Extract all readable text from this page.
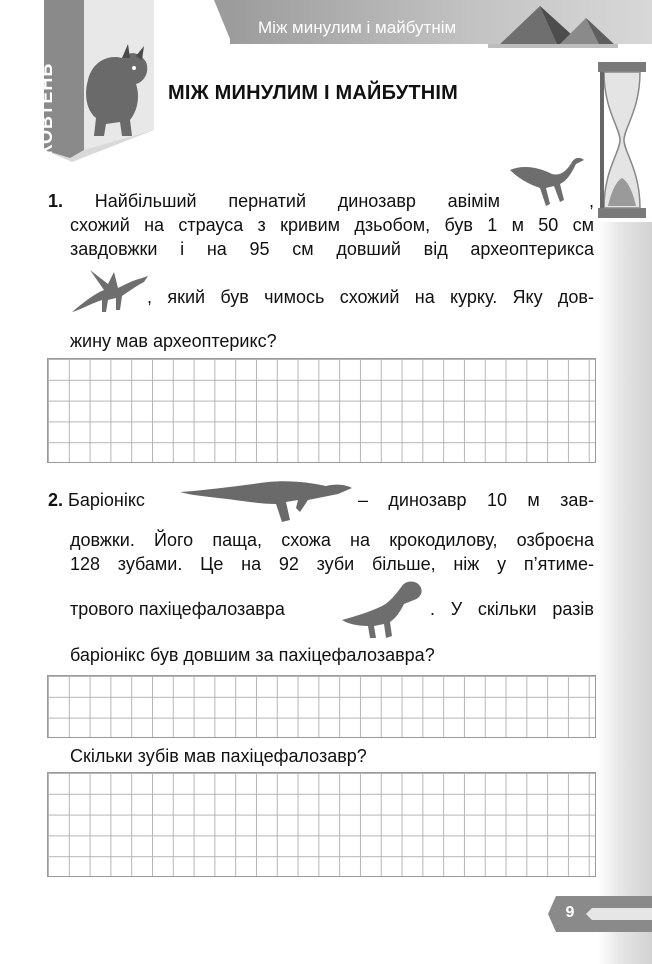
Між минулим і майбутнім
ЖОВТЕНЬ	МІЖ МИНУЛИМ І МАЙБУТНІМ
1. Найбільший пернатий динозавр авімім	,
схожий на страуса з кривим дзьобом, був 1 м 50 см
завдовжки і на 95 см довший від археоптерикса
, який був чимось схожий на курку. Яку дов-
жину мав археоптерикс?
2. Баріонікс	– динозавр 10 м зав-
довжки. Його паща, схожа на крокодилову, озброєна
128 зубами. Це на 92 зуби більше, ніж у п’ятиме-
трового пахіцефалозавра	. У скільки разів
баріонікс був довшим за пахіцефалозавра?
Скільки зубів мав пахіцефалозавр?
9
